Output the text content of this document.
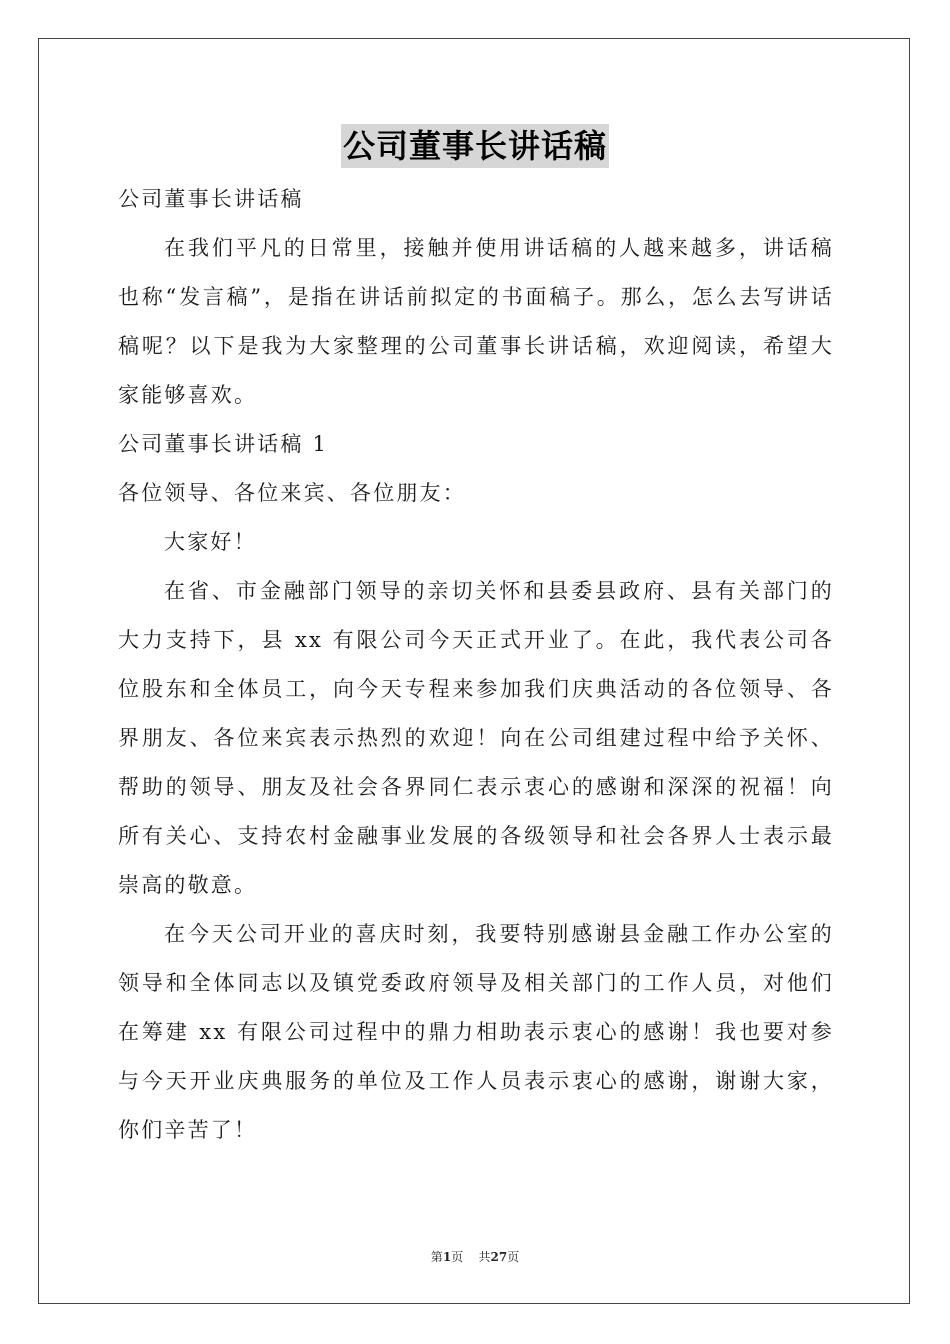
公司董事长讲话稿

公司董事长讲话稿

在我们平凡的日常里，接触并使用讲话稿的人越来越多，讲话稿也称“发言稿”，是指在讲话前拟定的书面稿子。那么，怎么去写讲话稿呢？以下是我为大家整理的公司董事长讲话稿，欢迎阅读，希望大家能够喜欢。

公司董事长讲话稿 1

各位领导、各位来宾、各位朋友：

大家好！

在省、市金融部门领导的亲切关怀和县委县政府、县有关部门的大力支持下，县 xx 有限公司今天正式开业了。在此，我代表公司各位股东和全体员工，向今天专程来参加我们庆典活动的各位领导、各界朋友、各位来宾表示热烈的欢迎！向在公司组建过程中给予关怀、帮助的领导、朋友及社会各界同仁表示衷心的感谢和深深的祝福！向所有关心、支持农村金融事业发展的各级领导和社会各界人士表示最崇高的敬意。

在今天公司开业的喜庆时刻，我要特别感谢县金融工作办公室的领导和全体同志以及镇党委政府领导及相关部门的工作人员，对他们在筹建 xx 有限公司过程中的鼎力相助表示衷心的感谢！我也要对参与今天开业庆典服务的单位及工作人员表示衷心的感谢，谢谢大家，你们辛苦了！

第1页 共27页
